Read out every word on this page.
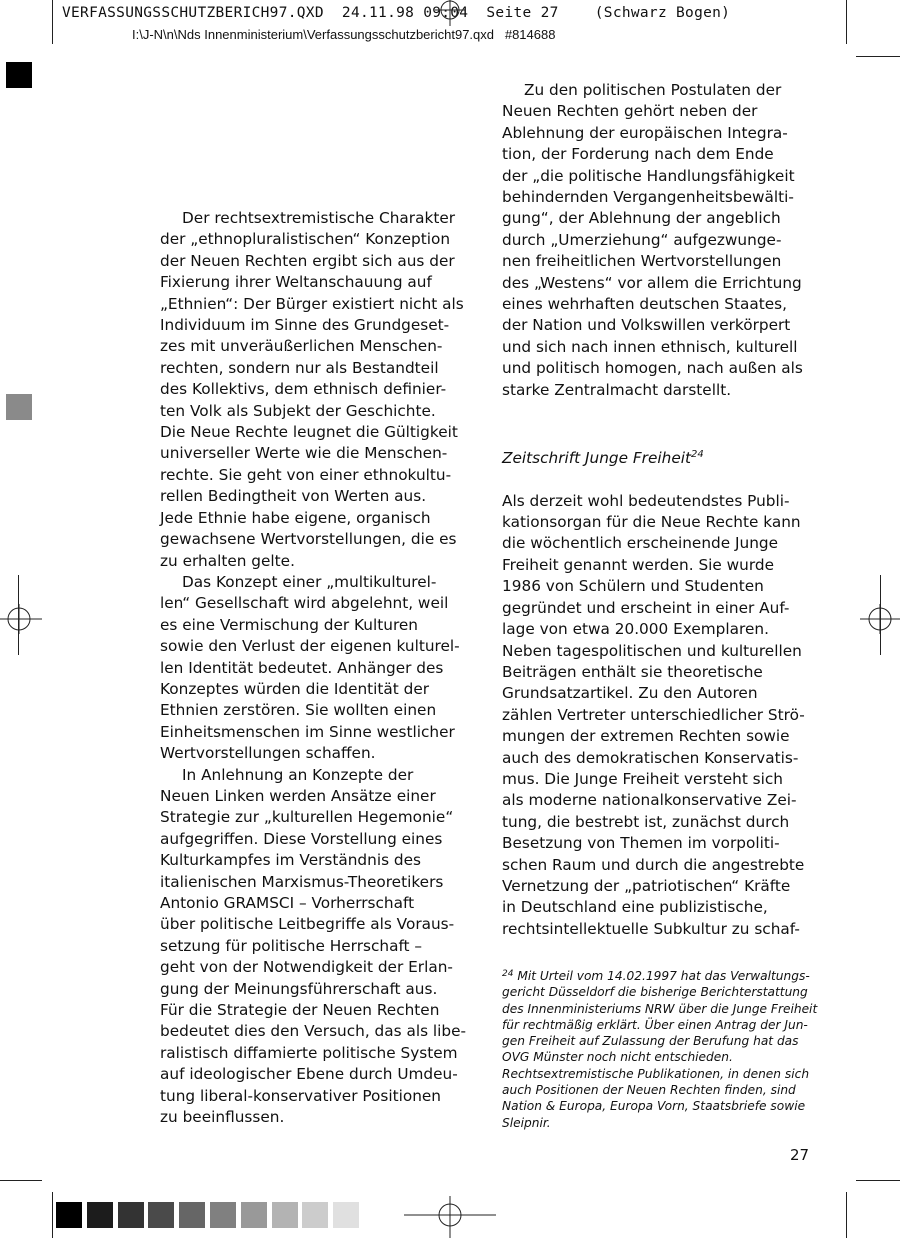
VERFASSUNGSSCHUTZBERICH97.QXD  24.11.98 09:04  Seite 27    (Schwarz Bogen)
I:\J-N\n\Nds Innenministerium\Verfassungsschutzbericht97.qxd   #814688

Der rechtsextremistische Charakter

der „ethnopluralistischen“ Konzeption

der Neuen Rechten ergibt sich aus der

Fixierung ihrer Weltanschauung auf

„Ethnien“: Der Bürger existiert nicht als

Individuum im Sinne des Grundgeset-

zes mit unveräußerlichen Menschen-

rechten, sondern nur als Bestandteil

des Kollektivs, dem ethnisch definier-

ten Volk als Subjekt der Geschichte.

Die Neue Rechte leugnet die Gültigkeit

universeller Werte wie die Menschen-

rechte. Sie geht von einer ethnokultu-

rellen Bedingtheit von Werten aus.

Jede Ethnie habe eigene, organisch

gewachsene Wertvorstellungen, die es

zu erhalten gelte.

Das Konzept einer „multikulturel-

len“ Gesellschaft wird abgelehnt, weil

es eine Vermischung der Kulturen

sowie den Verlust der eigenen kulturel-

len Identität bedeutet. Anhänger des

Konzeptes würden die Identität der

Ethnien zerstören. Sie wollten einen

Einheitsmenschen im Sinne westlicher

Wertvorstellungen schaffen.

In Anlehnung an Konzepte der

Neuen Linken werden Ansätze einer

Strategie zur „kulturellen Hegemonie“

aufgegriffen. Diese Vorstellung eines

Kulturkampfes im Verständnis des

italienischen Marxismus-Theoretikers

Antonio GRAMSCI – Vorherrschaft

über politische Leitbegriffe als Voraus-

setzung für politische Herrschaft –

geht von der Notwendigkeit der Erlan-

gung der Meinungsführerschaft aus.

Für die Strategie der Neuen Rechten

bedeutet dies den Versuch, das als libe-

ralistisch diffamierte politische System

auf ideologischer Ebene durch Umdeu-

tung liberal-konservativer Positionen

zu beeinflussen.

Zu den politischen Postulaten der

Neuen Rechten gehört neben der

Ablehnung der europäischen Integra-

tion, der Forderung nach dem Ende

der „die politische Handlungsfähigkeit

behindernden Vergangenheitsbewälti-

gung“, der Ablehnung der angeblich

durch „Umerziehung“ aufgezwunge-

nen freiheitlichen Wertvorstellungen

des „Westens“ vor allem die Errichtung

eines wehrhaften deutschen Staates,

der Nation und Volkswillen verkörpert

und sich nach innen ethnisch, kulturell

und politisch homogen, nach außen als

starke Zentralmacht darstellt.

Zeitschrift Junge Freiheit$^{24}$

Als derzeit wohl bedeutendstes Publi-

kationsorgan für die Neue Rechte kann

die wöchentlich erscheinende Junge

Freiheit genannt werden. Sie wurde

1986 von Schülern und Studenten

gegründet und erscheint in einer Auf-

lage von etwa 20.000 Exemplaren.

Neben tagespolitischen und kulturellen

Beiträgen enthält sie theoretische

Grundsatzartikel. Zu den Autoren

zählen Vertreter unterschiedlicher Strö-

mungen der extremen Rechten sowie

auch des demokratischen Konservatis-

mus. Die Junge Freiheit versteht sich

als moderne nationalkonservative Zei-

tung, die bestrebt ist, zunächst durch

Besetzung von Themen im vorpoliti-

schen Raum und durch die angestrebte

Vernetzung der „patriotischen“ Kräfte

in Deutschland eine publizistische,

rechtsintellektuelle Subkultur zu schaf-

$^{24}$ Mit Urteil vom 14.02.1997 hat das Verwaltungs-

gericht Düsseldorf die bisherige Berichterstattung

des Innenministeriums NRW über die Junge Freiheit

für rechtmäßig erklärt. Über einen Antrag der Jun-

gen Freiheit auf Zulassung der Berufung hat das

OVG Münster noch nicht entschieden.

Rechtsextremistische Publikationen, in denen sich

auch Positionen der Neuen Rechten finden, sind

Nation & Europa, Europa Vorn, Staatsbriefe sowie

Sleipnir.

27
